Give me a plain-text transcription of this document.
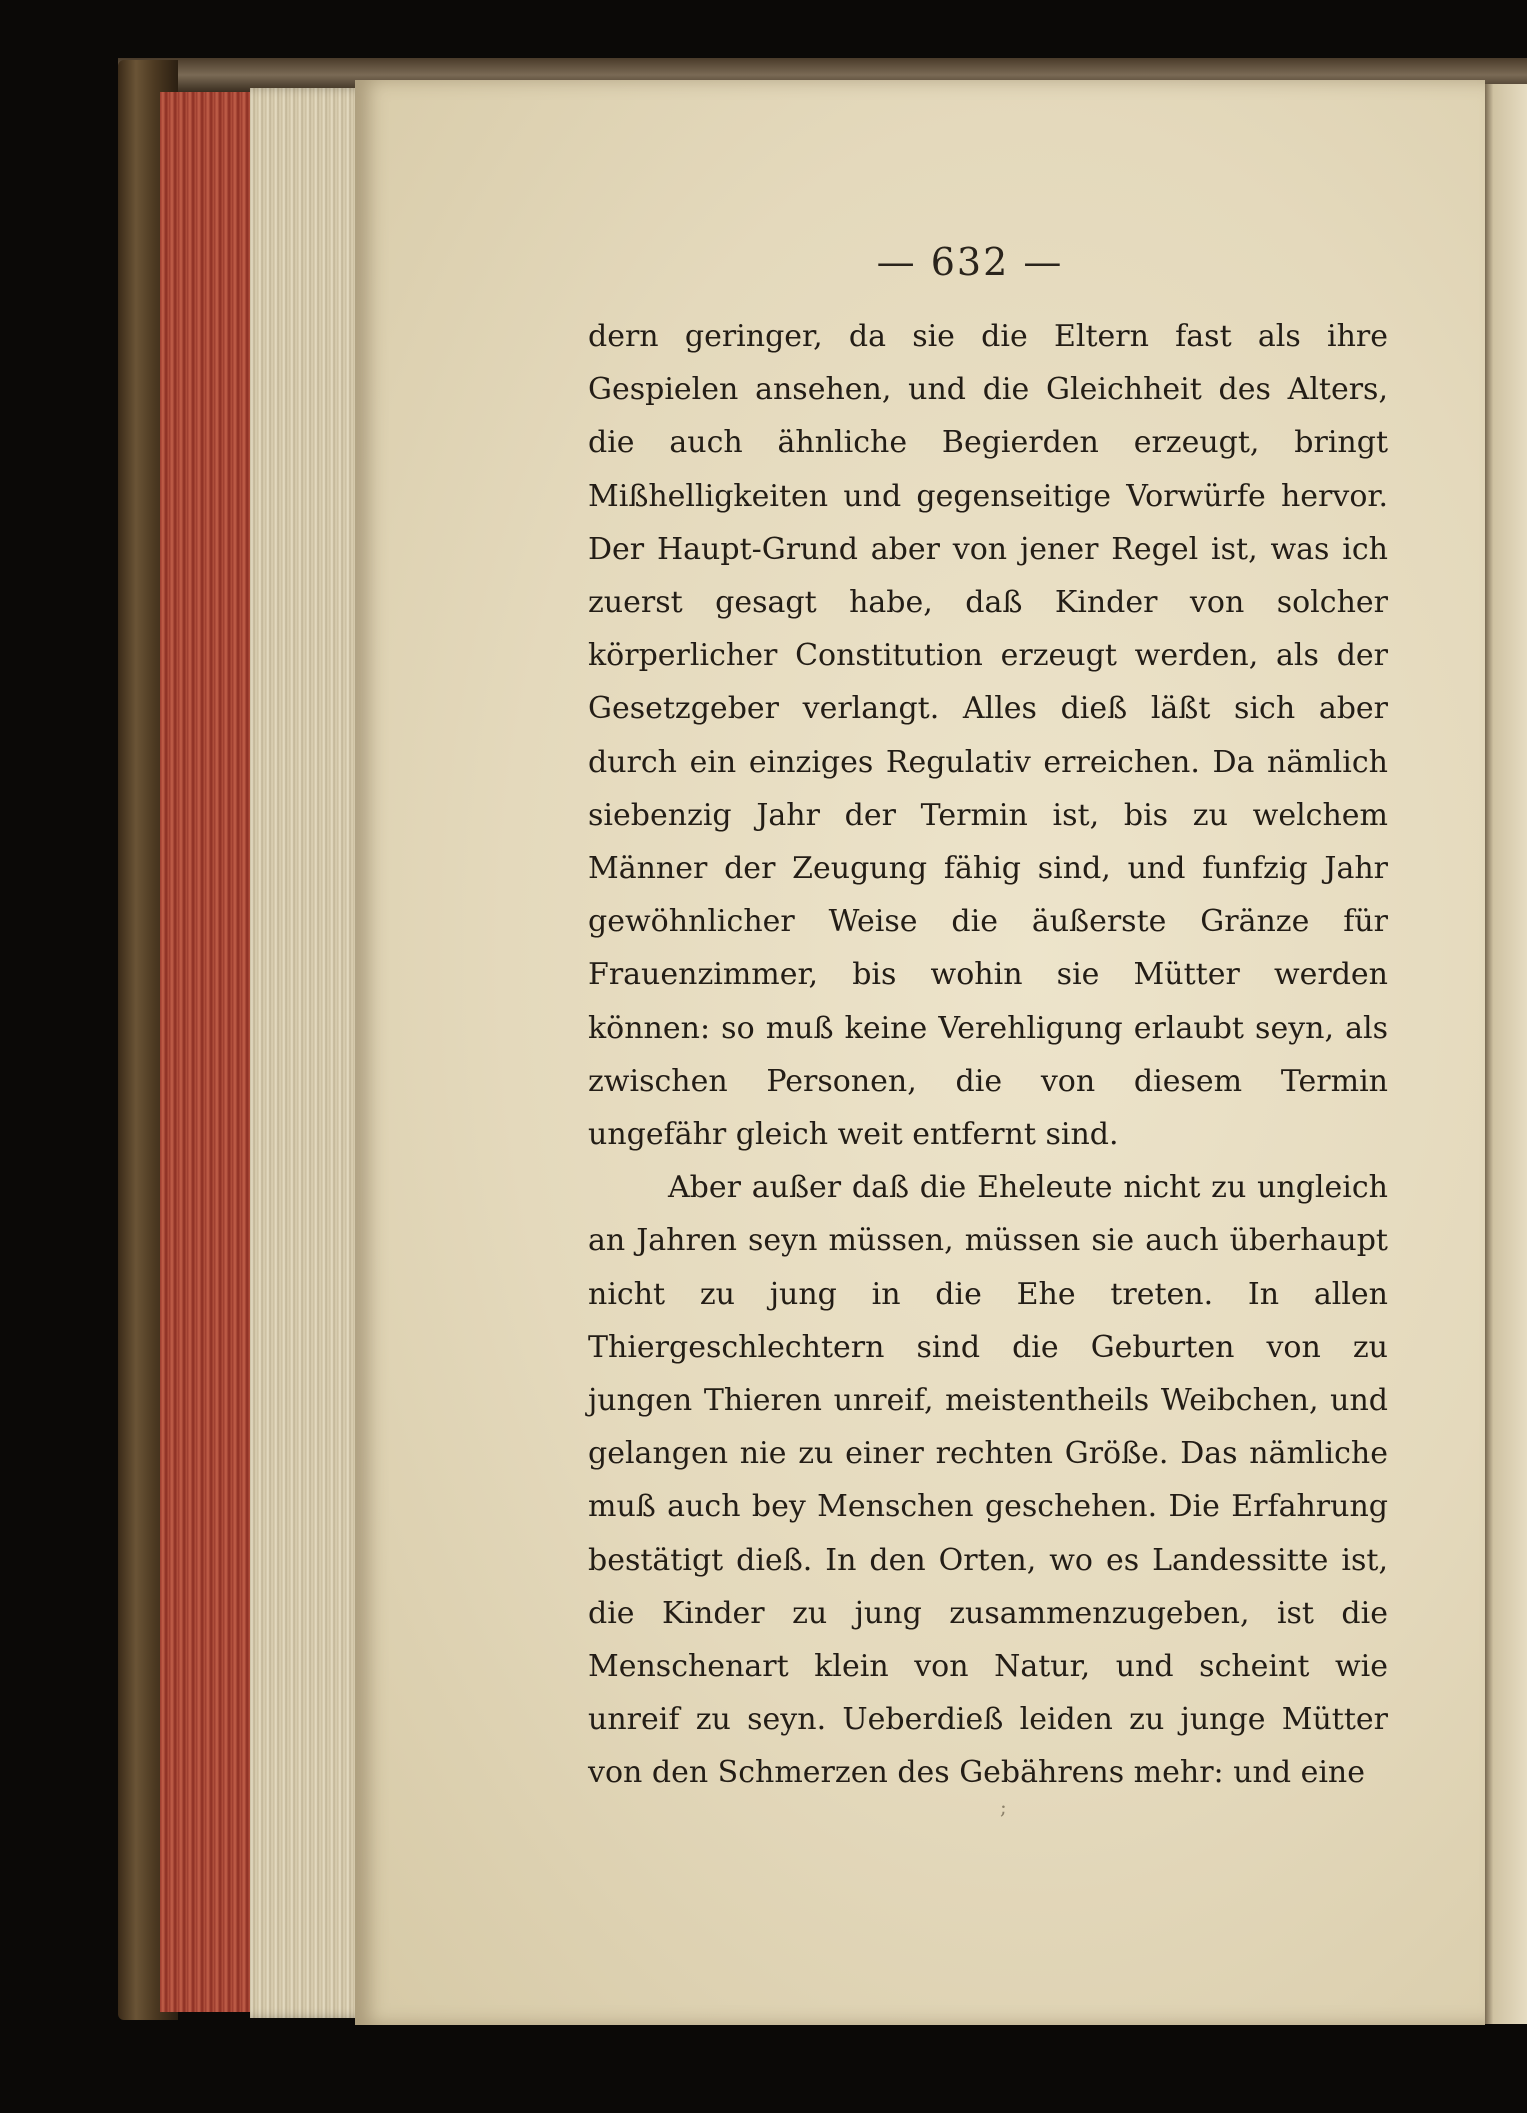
— 632 —

dern geringer, da sie die Eltern fast als ihre Gespielen ansehen, und die Gleichheit des Alters, die auch ähnliche Begierden erzeugt, bringt Mißhelligkeiten und gegenseitige Vorwürfe hervor. Der Haupt-Grund aber von jener Regel ist, was ich zuerst gesagt habe, daß Kinder von solcher körperlicher Constitution erzeugt werden, als der Gesetzgeber verlangt. Alles dieß läßt sich aber durch ein einziges Regulativ erreichen. Da nämlich siebenzig Jahr der Termin ist, bis zu welchem Männer der Zeugung fähig sind, und funfzig Jahr gewöhnlicher Weise die äußerste Gränze für Frauenzimmer, bis wohin sie Mütter werden können: so muß keine Verehligung erlaubt seyn, als zwischen Personen, die von diesem Termin ungefähr gleich weit entfernt sind.

Aber außer daß die Eheleute nicht zu ungleich an Jahren seyn müssen, müssen sie auch überhaupt nicht zu jung in die Ehe treten. In allen Thiergeschlechtern sind die Geburten von zu jungen Thieren unreif, meistentheils Weibchen, und gelangen nie zu einer rechten Größe. Das nämliche muß auch bey Menschen geschehen. Die Erfahrung bestätigt dieß. In den Orten, wo es Landessitte ist, die Kinder zu jung zusammenzugeben, ist die Menschenart klein von Natur, und scheint wie unreif zu seyn. Ueberdieß leiden zu junge Mütter von den Schmerzen des Gebährens mehr: und eine

;
